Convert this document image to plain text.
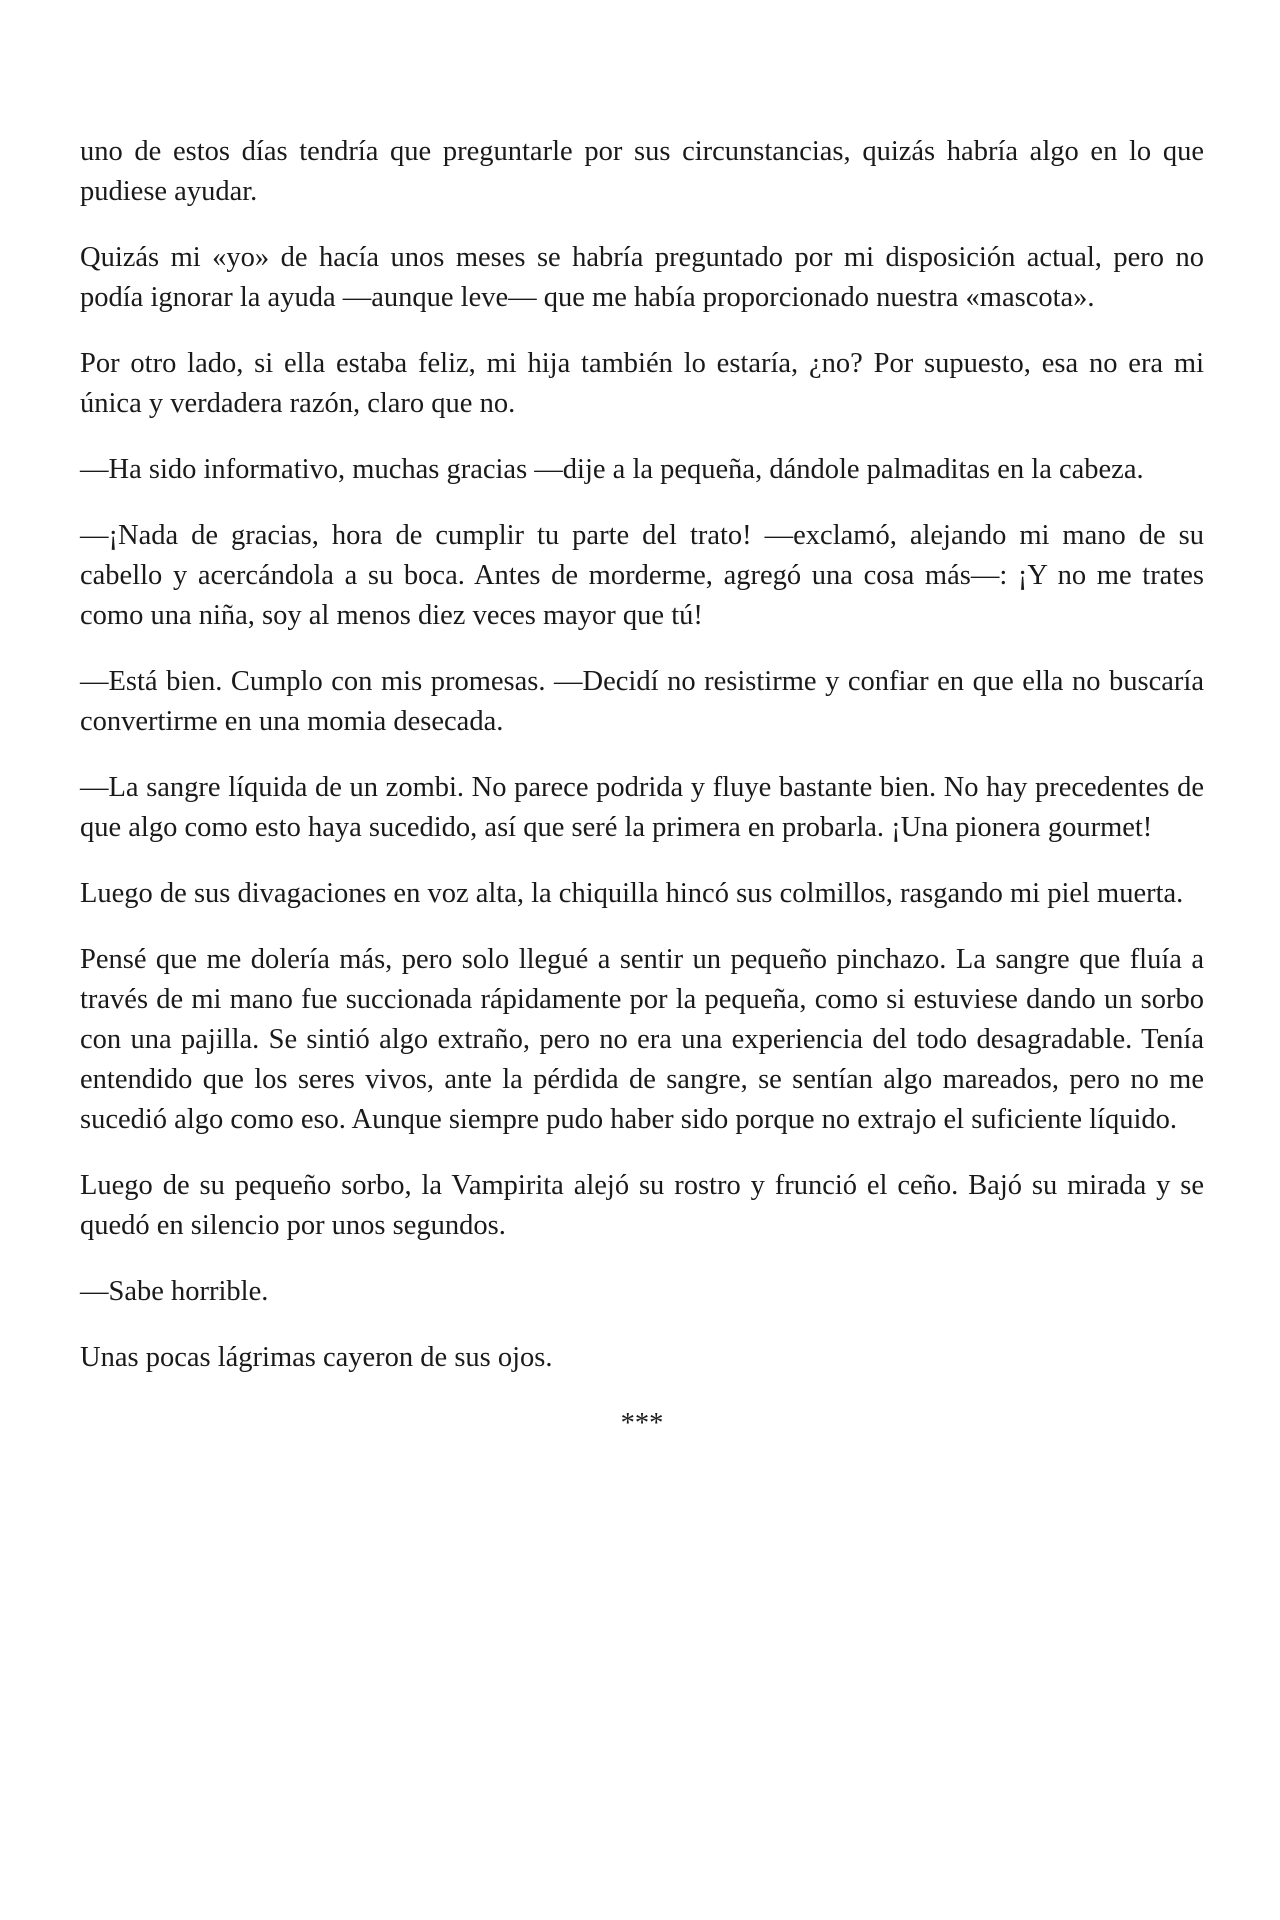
uno de estos días tendría que preguntarle por sus circunstancias, quizás habría algo en lo que pudiese ayudar.

Quizás mi «yo» de hacía unos meses se habría preguntado por mi disposición actual, pero no podía ignorar la ayuda —aunque leve— que me había proporcionado nuestra «mascota».

Por otro lado, si ella estaba feliz, mi hija también lo estaría, ¿no? Por supuesto, esa no era mi única y verdadera razón, claro que no.

—Ha sido informativo, muchas gracias —dije a la pequeña, dándole palmaditas en la cabeza.

—¡Nada de gracias, hora de cumplir tu parte del trato! —exclamó, alejando mi mano de su cabello y acercándola a su boca. Antes de morderme, agregó una cosa más—: ¡Y no me trates como una niña, soy al menos diez veces mayor que tú!

—Está bien. Cumplo con mis promesas. —Decidí no resistirme y confiar en que ella no buscaría convertirme en una momia desecada.

—La sangre líquida de un zombi. No parece podrida y fluye bastante bien. No hay precedentes de que algo como esto haya sucedido, así que seré la primera en probarla. ¡Una pionera gourmet!

Luego de sus divagaciones en voz alta, la chiquilla hincó sus colmillos, rasgando mi piel muerta.

Pensé que me dolería más, pero solo llegué a sentir un pequeño pinchazo. La sangre que fluía a través de mi mano fue succionada rápidamente por la pequeña, como si estuviese dando un sorbo con una pajilla. Se sintió algo extraño, pero no era una experiencia del todo desagradable. Tenía entendido que los seres vivos, ante la pérdida de sangre, se sentían algo mareados, pero no me sucedió algo como eso. Aunque siempre pudo haber sido porque no extrajo el suficiente líquido.

Luego de su pequeño sorbo, la Vampirita alejó su rostro y frunció el ceño. Bajó su mirada y se quedó en silencio por unos segundos.

—Sabe horrible.

Unas pocas lágrimas cayeron de sus ojos.

***
